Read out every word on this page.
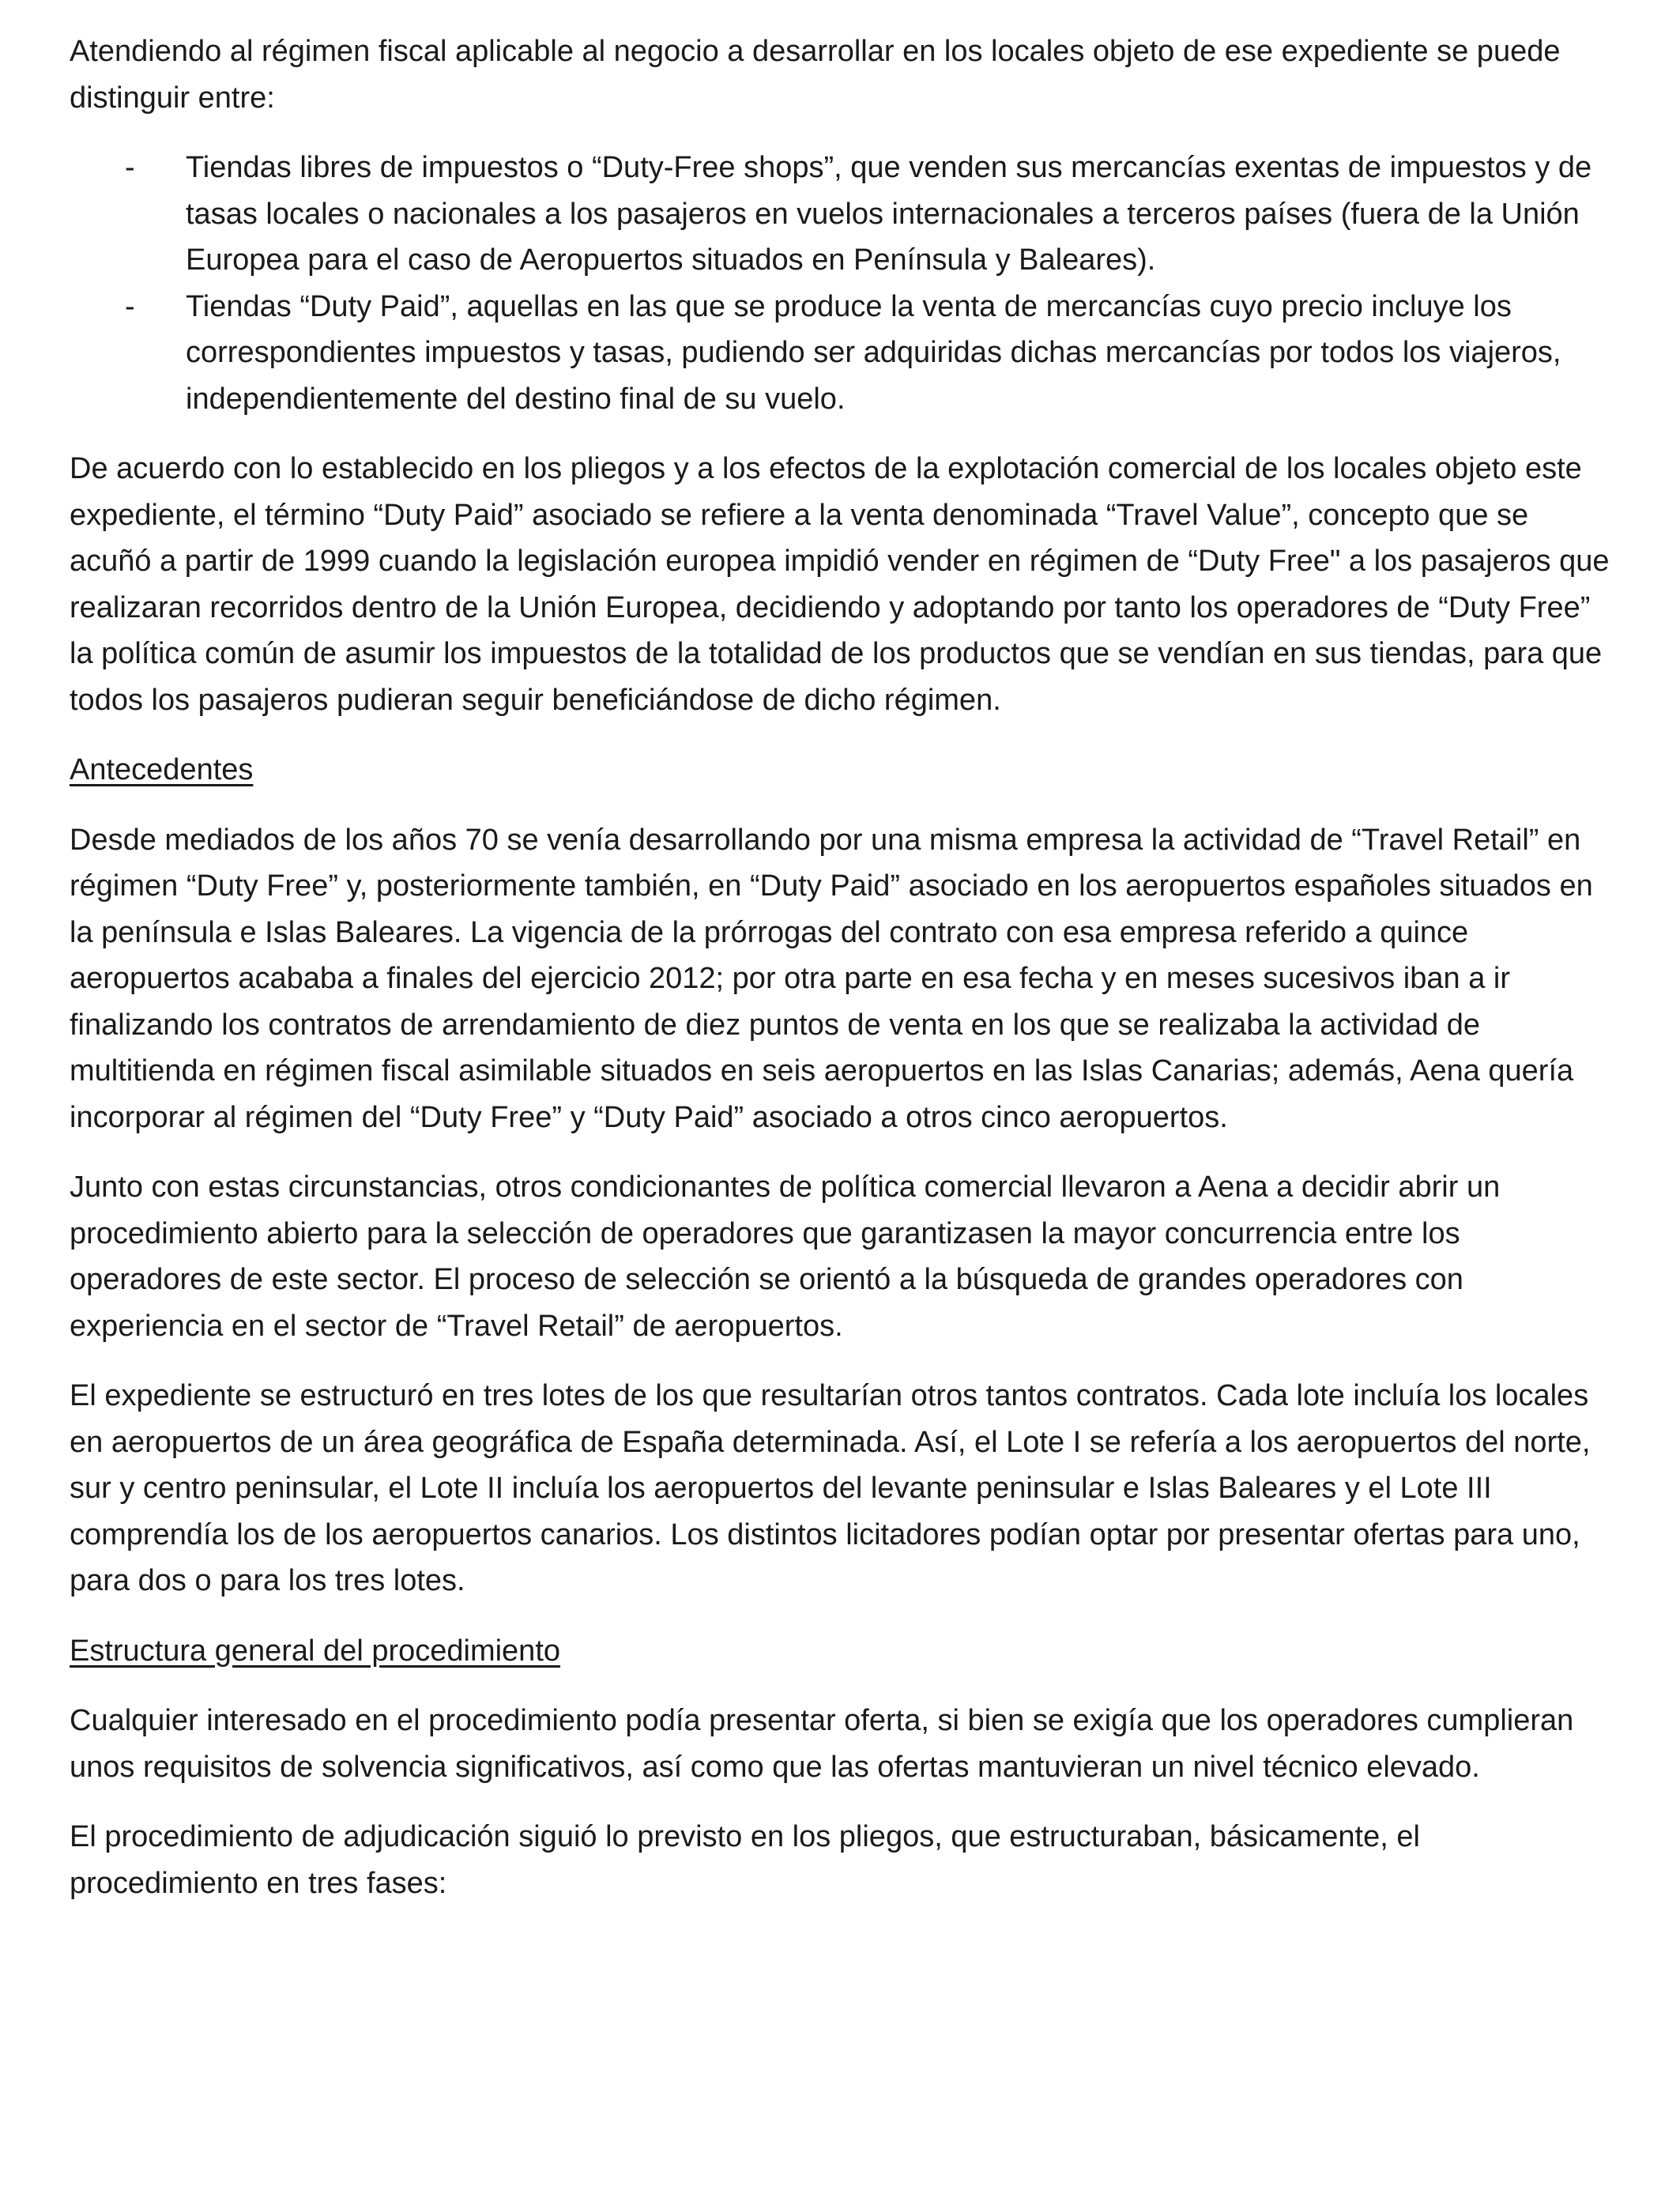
Atendiendo al régimen fiscal aplicable al negocio a desarrollar en los locales objeto de ese expediente se puede distinguir entre:

- Tiendas libres de impuestos o “Duty-Free shops”, que venden sus mercancías exentas de impuestos y de tasas locales o nacionales a los pasajeros en vuelos internacionales a terceros países (fuera de la Unión Europea para el caso de Aeropuertos situados en Península y Baleares).
- Tiendas “Duty Paid”, aquellas en las que se produce la venta de mercancías cuyo precio incluye los correspondientes impuestos y tasas, pudiendo ser adquiridas dichas mercancías por todos los viajeros, independientemente del destino final de su vuelo.

De acuerdo con lo establecido en los pliegos y a los efectos de la explotación comercial de los locales objeto este expediente, el término “Duty Paid” asociado se refiere a la venta denominada “Travel Value”, concepto que se acuñó a partir de 1999 cuando la legislación europea impidió vender en régimen de “Duty Free" a los pasajeros que realizaran recorridos dentro de la Unión Europea, decidiendo y adoptando por tanto los operadores de “Duty Free” la política común de asumir los impuestos de la totalidad de los productos que se vendían en sus tiendas, para que todos los pasajeros pudieran seguir beneficiándose de dicho régimen.

Antecedentes

Desde mediados de los años 70 se venía desarrollando por una misma empresa la actividad de “Travel Retail” en régimen “Duty Free” y, posteriormente también, en “Duty Paid” asociado en los aeropuertos españoles situados en la península e Islas Baleares. La vigencia de la prórrogas del contrato con esa empresa referido a quince aeropuertos acababa a finales del ejercicio 2012; por otra parte en esa fecha y en meses sucesivos iban a ir finalizando los contratos de arrendamiento de diez puntos de venta en los que se realizaba la actividad de multitienda en régimen fiscal asimilable situados en seis aeropuertos en las Islas Canarias; además, Aena quería incorporar al régimen del “Duty Free” y “Duty Paid” asociado a otros cinco aeropuertos.

Junto con estas circunstancias, otros condicionantes de política comercial llevaron a Aena a decidir abrir un procedimiento abierto para la selección de operadores que garantizasen la mayor concurrencia entre los operadores de este sector. El proceso de selección se orientó a la búsqueda de grandes operadores con experiencia en el sector de “Travel Retail” de aeropuertos.

El expediente se estructuró en tres lotes de los que resultarían otros tantos contratos. Cada lote incluía los locales en aeropuertos de un área geográfica de España determinada. Así, el Lote I se refería a los aeropuertos del norte, sur y centro peninsular, el Lote II incluía los aeropuertos del levante peninsular e Islas Baleares y el Lote III comprendía los de los aeropuertos canarios. Los distintos licitadores podían optar por presentar ofertas para uno, para dos o para los tres lotes.

Estructura general del procedimiento

Cualquier interesado en el procedimiento podía presentar oferta, si bien se exigía que los operadores cumplieran unos requisitos de solvencia significativos, así como que las ofertas mantuvieran un nivel técnico elevado.

El procedimiento de adjudicación siguió lo previsto en los pliegos, que estructuraban, básicamente, el procedimiento en tres fases:
